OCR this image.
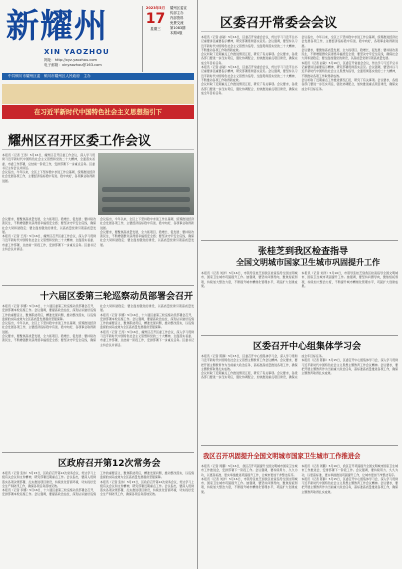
新耀州
XIN YAOZHOU
网址：http://xyz.yaozhou.com
电子邮箱：xinyaozhou@163.com
2023年5月
17
星期三
耀州区委宣传部主办
内部资料
免费交流
第1083期
本期4版
中共铜川市耀州区委　铜川市耀州区人民政府　主办
在习近平新时代中国特色社会主义思想指引下
耀州区召开区委工作会议

本报讯（记者 王涛）5月16日，耀州区召开区委工作会议，深入学习贯彻习近平新时代中国特色社会主义思想和党的二十大精神，全面落实省委、市委工作部署，总结前一阶段工作，安排部署下一步重点任务。区委书记主持会议并讲话。

会议指出，今年以来，全区上下坚持稳中求进工作总基调，统筹推进经济社会发展各项工作，主要经济指标稳中有进、稳中向好，各项事业取得新进展。

会议要求，要聚焦高质量发展，全力抓项目、稳增长、促发展；要持续改善民生，不断增强群众获得感幸福感安全感；要坚决守牢安全底线，确保社会大局和谐稳定；要全面加强党的建设，以高质量党建引领高质量发展。

本报讯（记者 王涛）5月16日，耀州区召开区委工作会议，深入学习贯彻习近平新时代中国特色社会主义思想和党的二十大精神，全面落实省委、市委工作部署，总结前一阶段工作，安排部署下一步重点任务。区委书记主持会议并讲话。

会议指出，今年以来，全区上下坚持稳中求进工作总基调，统筹推进经济社会发展各项工作，主要经济指标稳中有进、稳中向好，各项事业取得新进展。

会议要求，要聚焦高质量发展，全力抓项目、稳增长、促发展；要持续改善民生，不断增强群众获得感幸福感安全感；要坚决守牢安全底线，确保社会大局和谐稳定；要全面加强党的建设，以高质量党建引领高质量发展。

十六届区委第三轮巡察动员部署会召开

本报讯（记者 李娜）5月16日，十六届区委第三轮巡察动员部署会召开，安排部署本轮巡察工作。会议强调，要提高政治站位，深刻认识做好巡察工作的重要意义，聚焦职能责任，精准发现问题，推动整改落实，以巡察监督的实际成效为全区高质量发展提供坚强保障。

会议指出，今年以来，全区上下坚持稳中求进工作总基调，统筹推进经济社会发展各项工作，主要经济指标稳中有进、稳中向好，各项事业取得新进展。

会议要求，要聚焦高质量发展，全力抓项目、稳增长、促发展；要持续改善民生，不断增强群众获得感幸福感安全感；要坚决守牢安全底线，确保社会大局和谐稳定；要全面加强党的建设，以高质量党建引领高质量发展。

本报讯（记者 李娜）5月16日，十六届区委第三轮巡察动员部署会召开，安排部署本轮巡察工作。会议强调，要提高政治站位，深刻认识做好巡察工作的重要意义，聚焦职能责任，精准发现问题，推动整改落实，以巡察监督的实际成效为全区高质量发展提供坚强保障。

本报讯（记者 王涛）5月16日，耀州区召开区委工作会议，深入学习贯彻习近平新时代中国特色社会主义思想和党的二十大精神，全面落实省委、市委工作部署，总结前一阶段工作，安排部署下一步重点任务。区委书记主持会议并讲话。

区政府召开第12次常务会

本报讯（记者 张伟）5月15日，区政府召开第12次常务会议，传达学习上级有关会议和文件精神，研究部署近期重点工作。会议指出，要深入贯彻落实各项决策部署，扎实推进项目建设，持续优化营商环境，切实抓好安全生产和防汛工作，确保各项任务落地见效。

本报讯（记者 李娜）5月16日，十六届区委第三轮巡察动员部署会召开，安排部署本轮巡察工作。会议强调，要提高政治站位，深刻认识做好巡察工作的重要意义，聚焦职能责任，精准发现问题，推动整改落实，以巡察监督的实际成效为全区高质量发展提供坚强保障。

本报讯（记者 张伟）5月15日，区政府召开第12次常务会议，传达学习上级有关会议和文件精神，研究部署近期重点工作。会议指出，要深入贯彻落实各项决策部署，扎实推进项目建设，持续优化营商环境，切实抓好安全生产和防汛工作，确保各项任务落地见效。

区委召开常委会会议

本报讯（记者 赵敏）5月16日，区委召开常委会会议，传达学习习近平总书记重要讲话重要指示精神，研究部署贯彻落实意见。会议强调，要坚持以习近平新时代中国特色社会主义思想为指导，全面贯彻落实党的二十大精神，不断推动各项工作取得新成效。

会议听取了近期重点工作推进情况汇报，研究了有关事项。会议要求，各级各部门要进一步压实责任，强化协调配合，加快推进重点项目建设，确保完成全年目标任务。

本报讯（记者 赵敏）5月16日，区委召开常委会会议，传达学习习近平总书记重要讲话重要指示精神，研究部署贯彻落实意见。会议强调，要坚持以习近平新时代中国特色社会主义思想为指导，全面贯彻落实党的二十大精神，不断推动各项工作取得新成效。

会议听取了近期重点工作推进情况汇报，研究了有关事项。会议要求，各级各部门要进一步压实责任，强化协调配合，加快推进重点项目建设，确保完成全年目标任务。

会议指出，今年以来，全区上下坚持稳中求进工作总基调，统筹推进经济社会发展各项工作，主要经济指标稳中有进、稳中向好，各项事业取得新进展。

会议要求，要聚焦高质量发展，全力抓项目、稳增长、促发展；要持续改善民生，不断增强群众获得感幸福感安全感；要坚决守牢安全底线，确保社会大局和谐稳定；要全面加强党的建设，以高质量党建引领高质量发展。

本报讯（记者 赵敏）5月16日，区委召开常委会会议，传达学习习近平总书记重要讲话重要指示精神，研究部署贯彻落实意见。会议强调，要坚持以习近平新时代中国特色社会主义思想为指导，全面贯彻落实党的二十大精神，不断推动各项工作取得新成效。

会议听取了近期重点工作推进情况汇报，研究了有关事项。会议要求，各级各部门要进一步压实责任，强化协调配合，加快推进重点项目建设，确保完成全年目标任务。

张桂芝到我区检查指导
全国文明城市国家卫生城市巩固提升工作

本报讯（记者 刘洋）5月16日，市领导张桂芝到我区检查指导全国文明城市、国家卫生城市巩固提升工作。她强调，要坚持问题导向，聚焦短板弱项，持续加大整治力度，不断提升城市精细化管理水平，巩固扩大创建成果。

本报讯（记者 刘洋）5月16日，市领导张桂芝到我区检查指导全国文明城市、国家卫生城市巩固提升工作。她强调，要坚持问题导向，聚焦短板弱项，持续加大整治力度，不断提升城市精细化管理水平，巩固扩大创建成果。

区委召开中心组集体学习会

本报讯（记者 陈静）5月15日，区委召开中心组集体学习会，深入学习贯彻习近平新时代中国特色社会主义思想主题教育工作会议精神。会议要求，要把开展主题教育作为当前重大政治任务，高标准高质量推进各项工作，确保主题教育取得扎实成效。

会议听取了近期重点工作推进情况汇报，研究了有关事项。会议要求，各级各部门要进一步压实责任，强化协调配合，加快推进重点项目建设，确保完成全年目标任务。

本报讯（记者 陈静）5月15日，区委召开中心组集体学习会，深入学习贯彻习近平新时代中国特色社会主义思想主题教育工作会议精神。会议要求，要把开展主题教育作为当前重大政治任务，高标准高质量推进各项工作，确保主题教育取得扎实成效。

我区召开巩固提升全国文明城市国家卫生城市工作推进会

本报讯（记者 周鹏）5月16日，我区召开巩固提升全国文明城市国家卫生城市工作推进会，安排部署下一阶段工作。会议强调，要持续用力、久久为功，以更高标准、更实举措推进巩固提升工作，让城市更加干净整洁有序。

本报讯（记者 刘洋）5月16日，市领导张桂芝到我区检查指导全国文明城市、国家卫生城市巩固提升工作。她强调，要坚持问题导向，聚焦短板弱项，持续加大整治力度，不断提升城市精细化管理水平，巩固扩大创建成果。

本报讯（记者 周鹏）5月16日，我区召开巩固提升全国文明城市国家卫生城市工作推进会，安排部署下一阶段工作。会议强调，要持续用力、久久为功，以更高标准、更实举措推进巩固提升工作，让城市更加干净整洁有序。

本报讯（记者 陈静）5月15日，区委召开中心组集体学习会，深入学习贯彻习近平新时代中国特色社会主义思想主题教育工作会议精神。会议要求，要把开展主题教育作为当前重大政治任务，高标准高质量推进各项工作，确保主题教育取得扎实成效。
